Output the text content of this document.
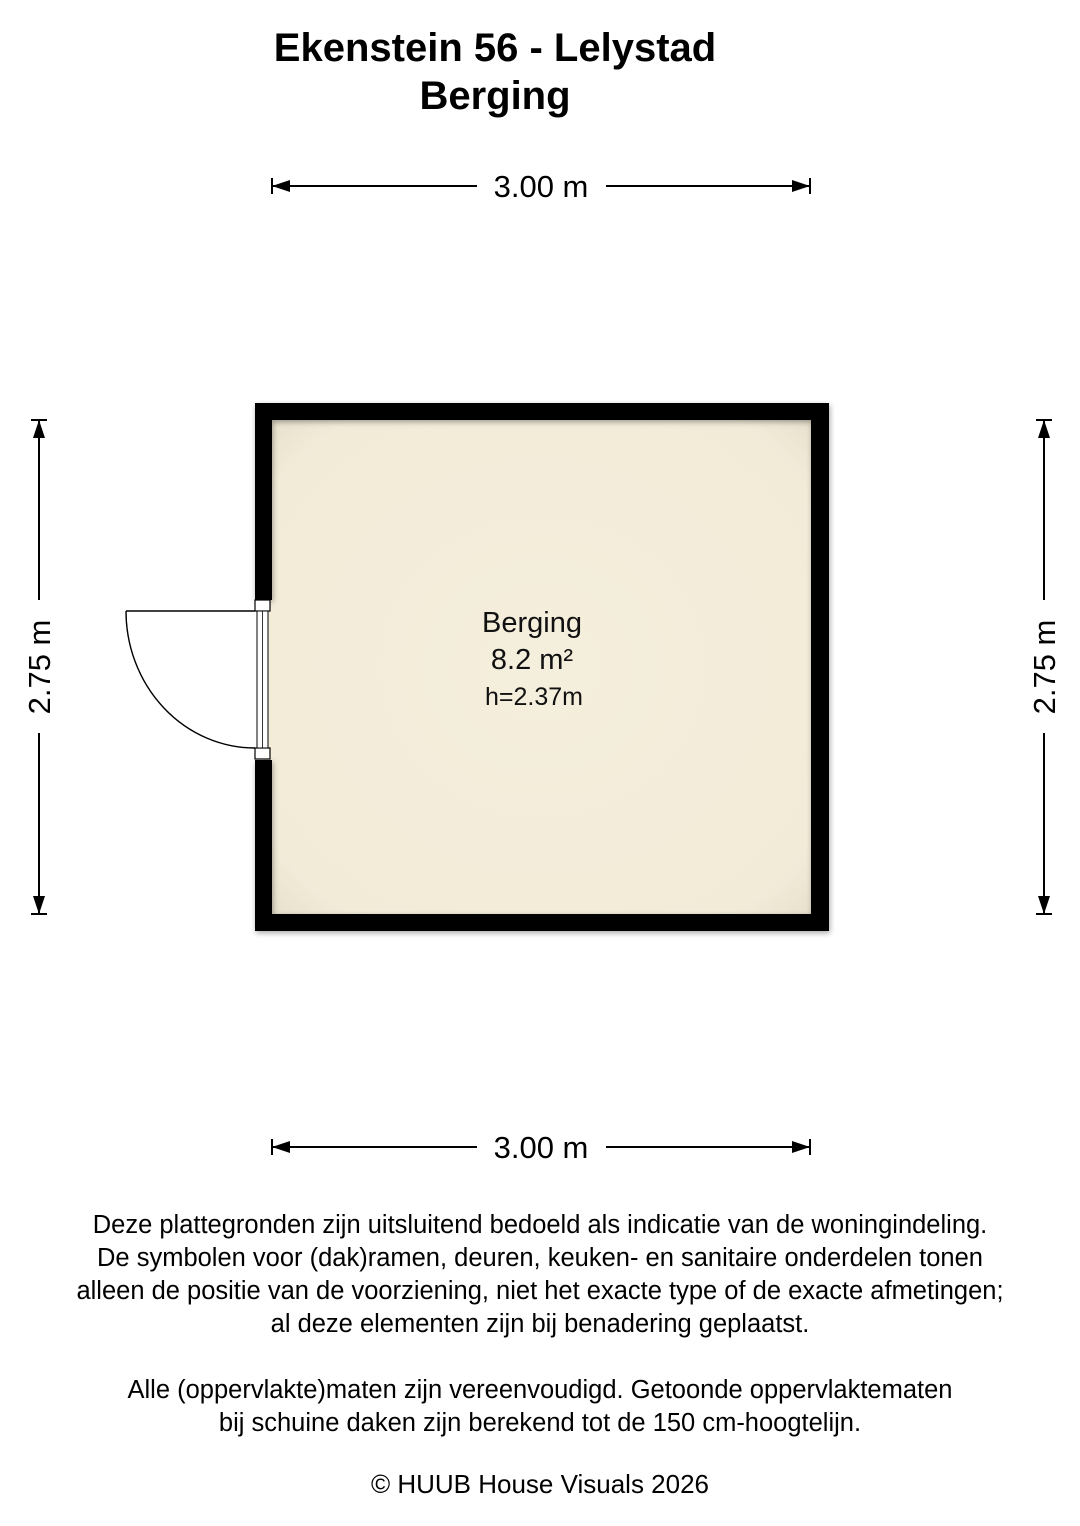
Ekenstein 56 - Lelystad
Berging
3.00 m
3.00 m
2.75 m	2.75 m
Berging
8.2 m²
h=2.37m

Deze plattegronden zijn uitsluitend bedoeld als indicatie van de woningindeling.

De symbolen voor (dak)ramen, deuren, keuken- en sanitaire onderdelen tonen

alleen de positie van de voorziening, niet het exacte type of de exacte afmetingen;

al deze elementen zijn bij benadering geplaatst.

Alle (oppervlakte)maten zijn vereenvoudigd. Getoonde oppervlaktematen

bij schuine daken zijn berekend tot de 150 cm-hoogtelijn.

© HUUB House Visuals 2026
